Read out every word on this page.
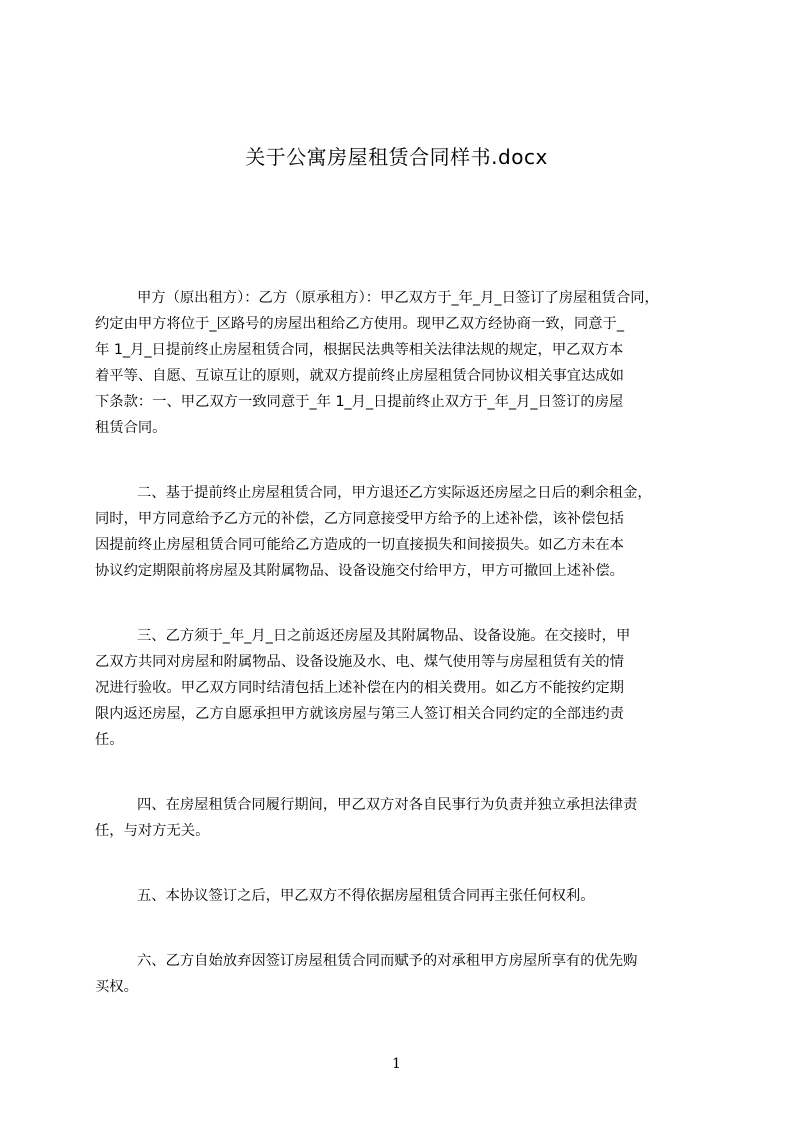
关于公寓房屋租赁合同样书.docx

甲方（原出租方）：乙方（原承租方）：甲乙双方于_年_月_日签订了房屋租赁合同，
约定由甲方将位于_区路号的房屋出租给乙方使用。现甲乙双方经协商一致，同意于_
年 1_月_日提前终止房屋租赁合同，根据民法典等相关法律法规的规定，甲乙双方本
着平等、自愿、互谅互让的原则，就双方提前终止房屋租赁合同协议相关事宜达成如
下条款：一、甲乙双方一致同意于_年 1_月_日提前终止双方于_年_月_日签订的房屋
租赁合同。

二、基于提前终止房屋租赁合同，甲方退还乙方实际返还房屋之日后的剩余租金，
同时，甲方同意给予乙方元的补偿，乙方同意接受甲方给予的上述补偿，该补偿包括
因提前终止房屋租赁合同可能给乙方造成的一切直接损失和间接损失。如乙方未在本
协议约定期限前将房屋及其附属物品、设备设施交付给甲方，甲方可撤回上述补偿。

三、乙方须于_年_月_日之前返还房屋及其附属物品、设备设施。在交接时，甲
乙双方共同对房屋和附属物品、设备设施及水、电、煤气使用等与房屋租赁有关的情
况进行验收。甲乙双方同时结清包括上述补偿在内的相关费用。如乙方不能按约定期
限内返还房屋，乙方自愿承担甲方就该房屋与第三人签订相关合同约定的全部违约责
任。

四、在房屋租赁合同履行期间，甲乙双方对各自民事行为负责并独立承担法律责
任，与对方无关。

五、本协议签订之后，甲乙双方不得依据房屋租赁合同再主张任何权利。

六、乙方自始放弃因签订房屋租赁合同而赋予的对承租甲方房屋所享有的优先购
买权。

1
